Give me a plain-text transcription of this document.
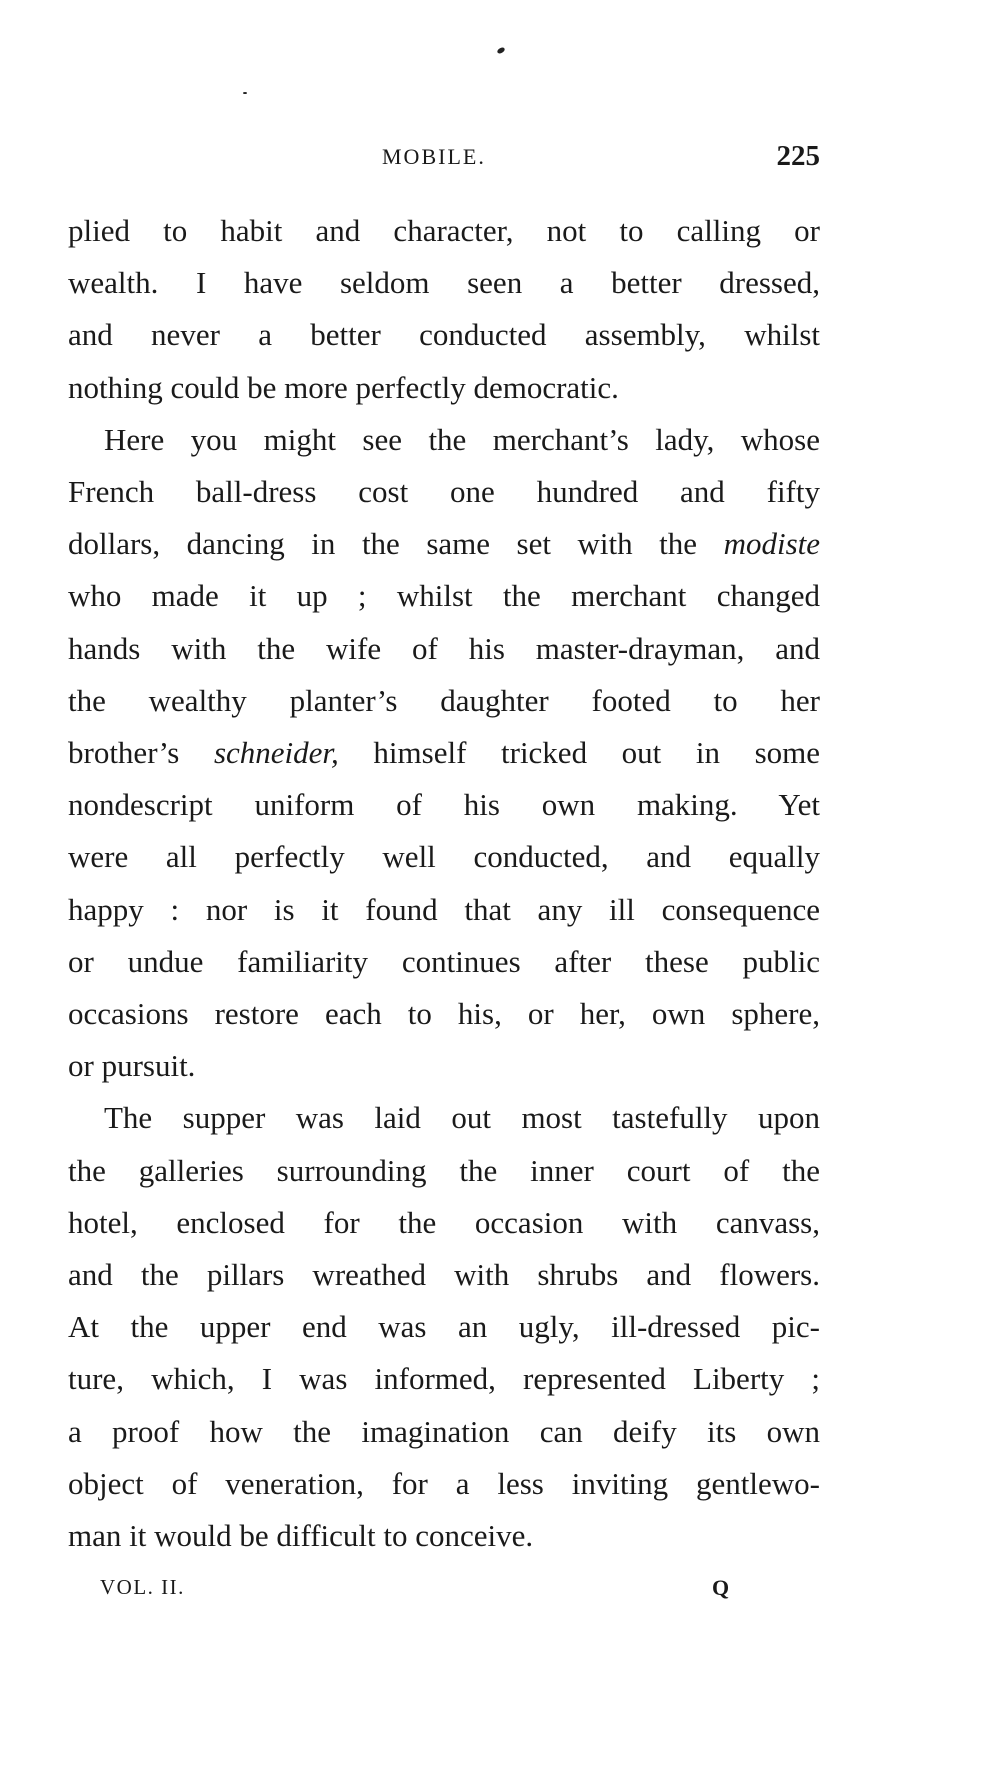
MOBILE.	225
plied to habit and character, not to calling or
wealth. I have seldom seen a better dressed,
and never a better conducted assembly, whilst
nothing could be more perfectly democratic.
Here you might see the merchant’s lady, whose
French ball-dress cost one hundred and fifty
dollars, dancing in the same set with the modiste
who made it up ; whilst the merchant changed
hands with the wife of his master-drayman, and
the wealthy planter’s daughter footed to her
brother’s schneider, himself tricked out in some
nondescript uniform of his own making. Yet
were all perfectly well conducted, and equally
happy : nor is it found that any ill consequence
or undue familiarity continues after these public
occasions restore each to his, or her, own sphere,
or pursuit.
The supper was laid out most tastefully upon
the galleries surrounding the inner court of the
hotel, enclosed for the occasion with canvass,
and the pillars wreathed with shrubs and flowers.
At the upper end was an ugly, ill-dressed pic-
ture, which, I was informed, represented Liberty ;
a proof how the imagination can deify its own
object of veneration, for a less inviting gentlewo-
man it would be difficult to conceive.
VOL. II.	Q
